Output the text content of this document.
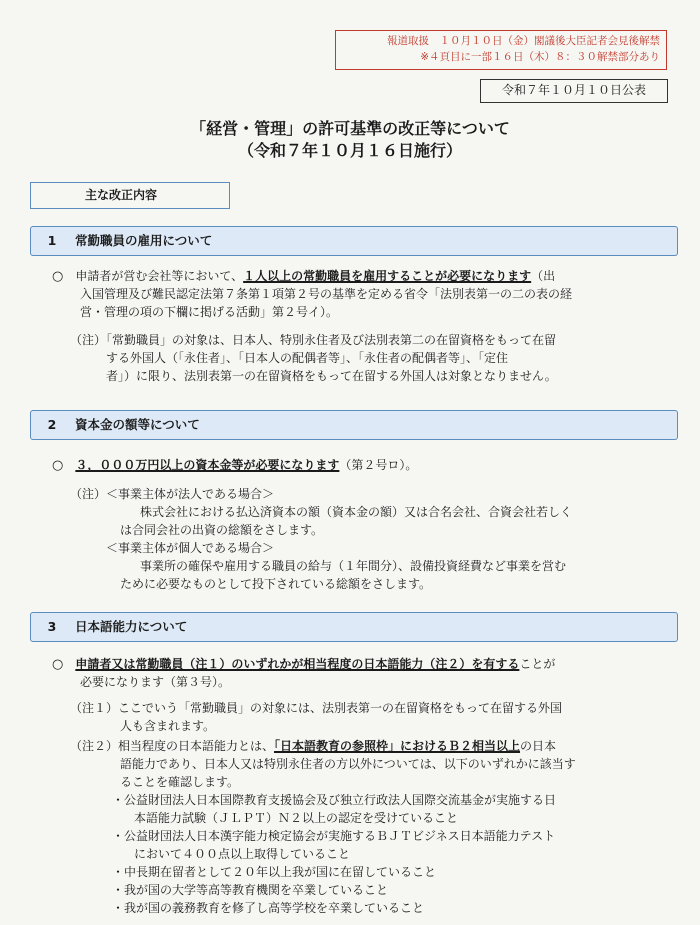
報道取扱　１０月１０日（金）閣議後大臣記者会見後解禁
※４頁目に一部１６日（木）８：３０解禁部分あり
令和７年１０月１０日公表
「経営・管理」の許可基準の改正等について
（令和７年１０月１６日施行）
主な改正内容
1 常勤職員の雇用について
○　 申請者が営む会社等において、１人以上の常勤職員を雇用することが必要になります（出
入国管理及び難民認定法第７条第１項第２号の基準を定める省令「法別表第一の二の表の経
営・管理の項の下欄に掲げる活動」第２号イ）。
（注）「常勤職員」の対象は、日本人、特別永住者及び法別表第二の在留資格をもって在留
する外国人（「永住者」、「日本人の配偶者等」、「永住者の配偶者等」、「定住
者」）に限り、法別表第一の在留資格をもって在留する外国人は対象となりません。
2 資本金の額等について
○　 ３，０００万円以上の資本金等が必要になります（第２号ロ）。
（注）＜事業主体が法人である場合＞
株式会社における払込済資本の額（資本金の額）又は合名会社、合資会社若しく
は合同会社の出資の総額をさします。
＜事業主体が個人である場合＞
事業所の確保や雇用する職員の給与（１年間分）、設備投資経費など事業を営む
ために必要なものとして投下されている総額をさします。
3 日本語能力について
○　 申請者又は常勤職員（注１）のいずれかが相当程度の日本語能力（注２）を有することが
必要になります（第３号）。
（注１）ここでいう「常勤職員」の対象には、法別表第一の在留資格をもって在留する外国
人も含まれます。
（注２）相当程度の日本語能力とは、「日本語教育の参照枠」におけるＢ２相当以上の日本
語能力であり、日本人又は特別永住者の方以外については、以下のいずれかに該当す
ることを確認します。
・公益財団法人日本国際教育支援協会及び独立行政法人国際交流基金が実施する日
本語能力試験（ＪＬＰＴ）Ｎ２以上の認定を受けていること
・公益財団法人日本漢字能力検定協会が実施するＢＪＴビジネス日本語能力テスト
において４００点以上取得していること
・中長期在留者として２０年以上我が国に在留していること
・我が国の大学等高等教育機関を卒業していること
・我が国の義務教育を修了し高等学校を卒業していること
